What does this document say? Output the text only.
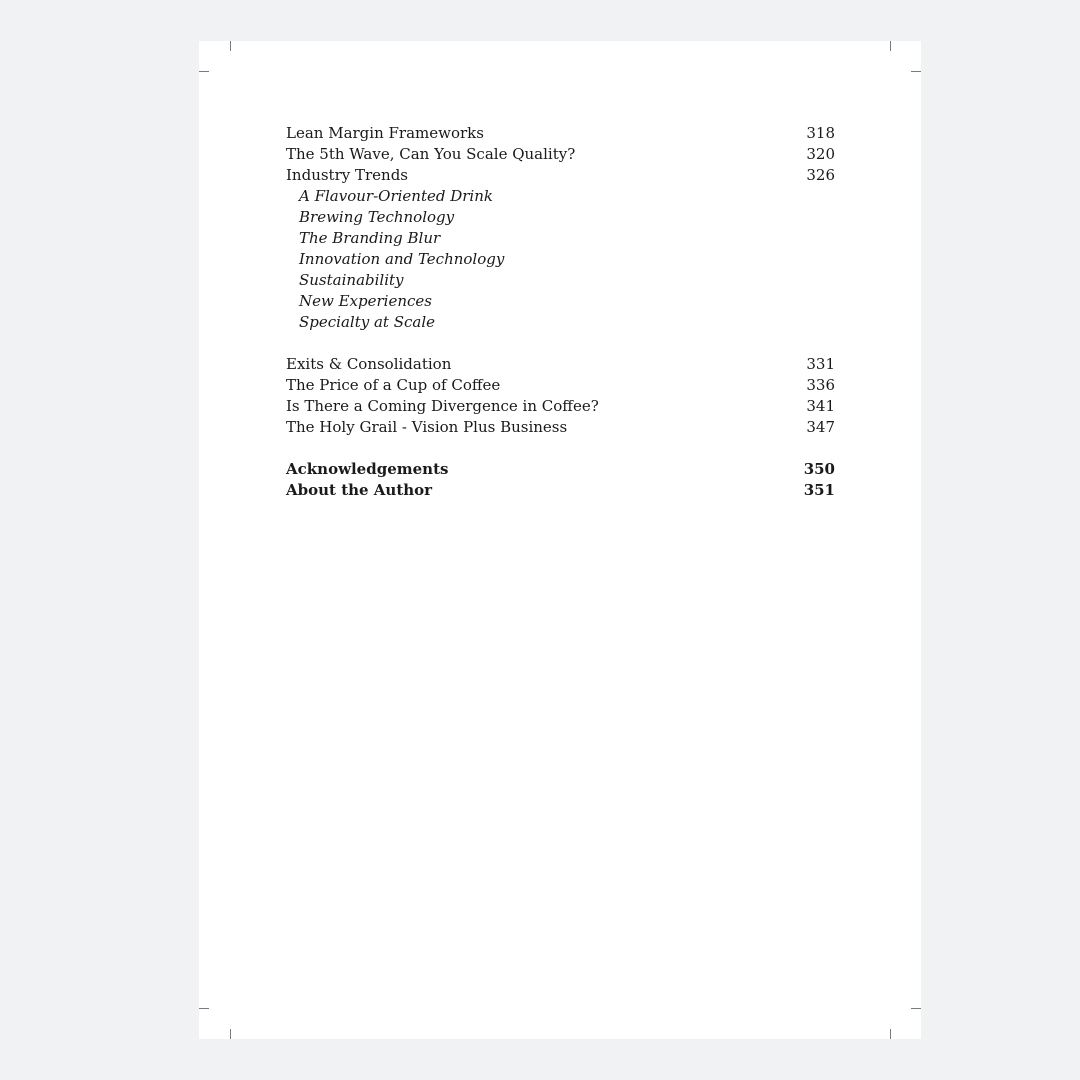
Lean Margin Frameworks	318
The 5th Wave, Can You Scale Quality?	320
Industry Trends	326
A Flavour-Oriented Drink
Brewing Technology
The Branding Blur
Innovation and Technology
Sustainability
New Experiences
Specialty at Scale
Exits & Consolidation	331
The Price of a Cup of Coffee	336
Is There a Coming Divergence in Coffee?	341
The Holy Grail - Vision Plus Business	347
Acknowledgements	350
About the Author	351
